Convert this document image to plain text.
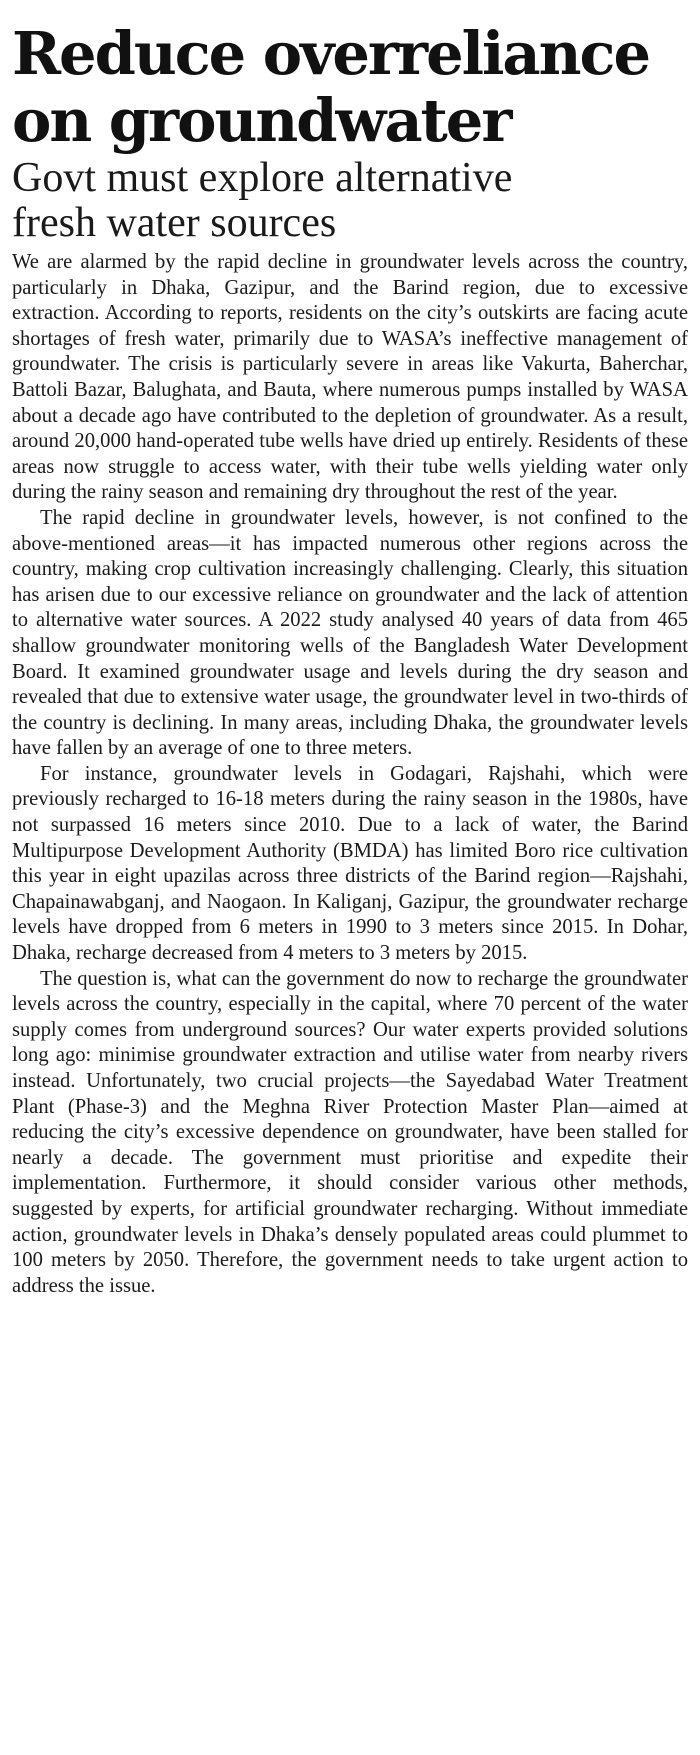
Reduce overreliance
on groundwater
Govt must explore alternative
fresh water sources

We are alarmed by the rapid decline in groundwater levels across the country, particularly in Dhaka, Gazipur, and the Barind region, due to excessive extraction. According to reports, residents on the city’s outskirts are facing acute shortages of fresh water, primarily due to WASA’s ineffective management of groundwater. The crisis is particularly severe in areas like Vakurta, Baherchar, Battoli Bazar, Balughata, and Bauta, where numerous pumps installed by WASA about a decade ago have contributed to the depletion of groundwater. As a result, around 20,000 hand-operated tube wells have dried up entirely. Residents of these areas now struggle to access water, with their tube wells yielding water only during the rainy season and remaining dry throughout the rest of the year.

The rapid decline in groundwater levels, however, is not confined to the above-mentioned areas—it has impacted numerous other regions across the country, making crop cultivation increasingly challenging. Clearly, this situation has arisen due to our excessive reliance on groundwater and the lack of attention to alternative water sources. A 2022 study analysed 40 years of data from 465 shallow groundwater monitoring wells of the Bangladesh Water Development Board. It examined groundwater usage and levels during the dry season and revealed that due to extensive water usage, the groundwater level in two-thirds of the country is declining. In many areas, including Dhaka, the groundwater levels have fallen by an average of one to three meters.

For instance, groundwater levels in Godagari, Rajshahi, which were previously recharged to 16-18 meters during the rainy season in the 1980s, have not surpassed 16 meters since 2010. Due to a lack of water, the Barind Multipurpose Development Authority (BMDA) has limited Boro rice cultivation this year in eight upazilas across three districts of the Barind region—Rajshahi, Chapainawabganj, and Naogaon. In Kaliganj, Gazipur, the groundwater recharge levels have dropped from 6 meters in 1990 to 3 meters since 2015. In Dohar, Dhaka, recharge decreased from 4 meters to 3 meters by 2015.

The question is, what can the government do now to recharge the groundwater levels across the country, especially in the capital, where 70 percent of the water supply comes from underground sources? Our water experts provided solutions long ago: minimise groundwater extraction and utilise water from nearby rivers instead. Unfortunately, two crucial projects—the Sayedabad Water Treatment Plant (Phase-3) and the Meghna River Protection Master Plan—aimed at reducing the city’s excessive dependence on groundwater, have been stalled for nearly a decade. The government must prioritise and expedite their implementation. Furthermore, it should consider various other methods, suggested by experts, for artificial groundwater recharging. Without immediate action, groundwater levels in Dhaka’s densely populated areas could plummet to 100 meters by 2050. Therefore, the government needs to take urgent action to address the issue.
